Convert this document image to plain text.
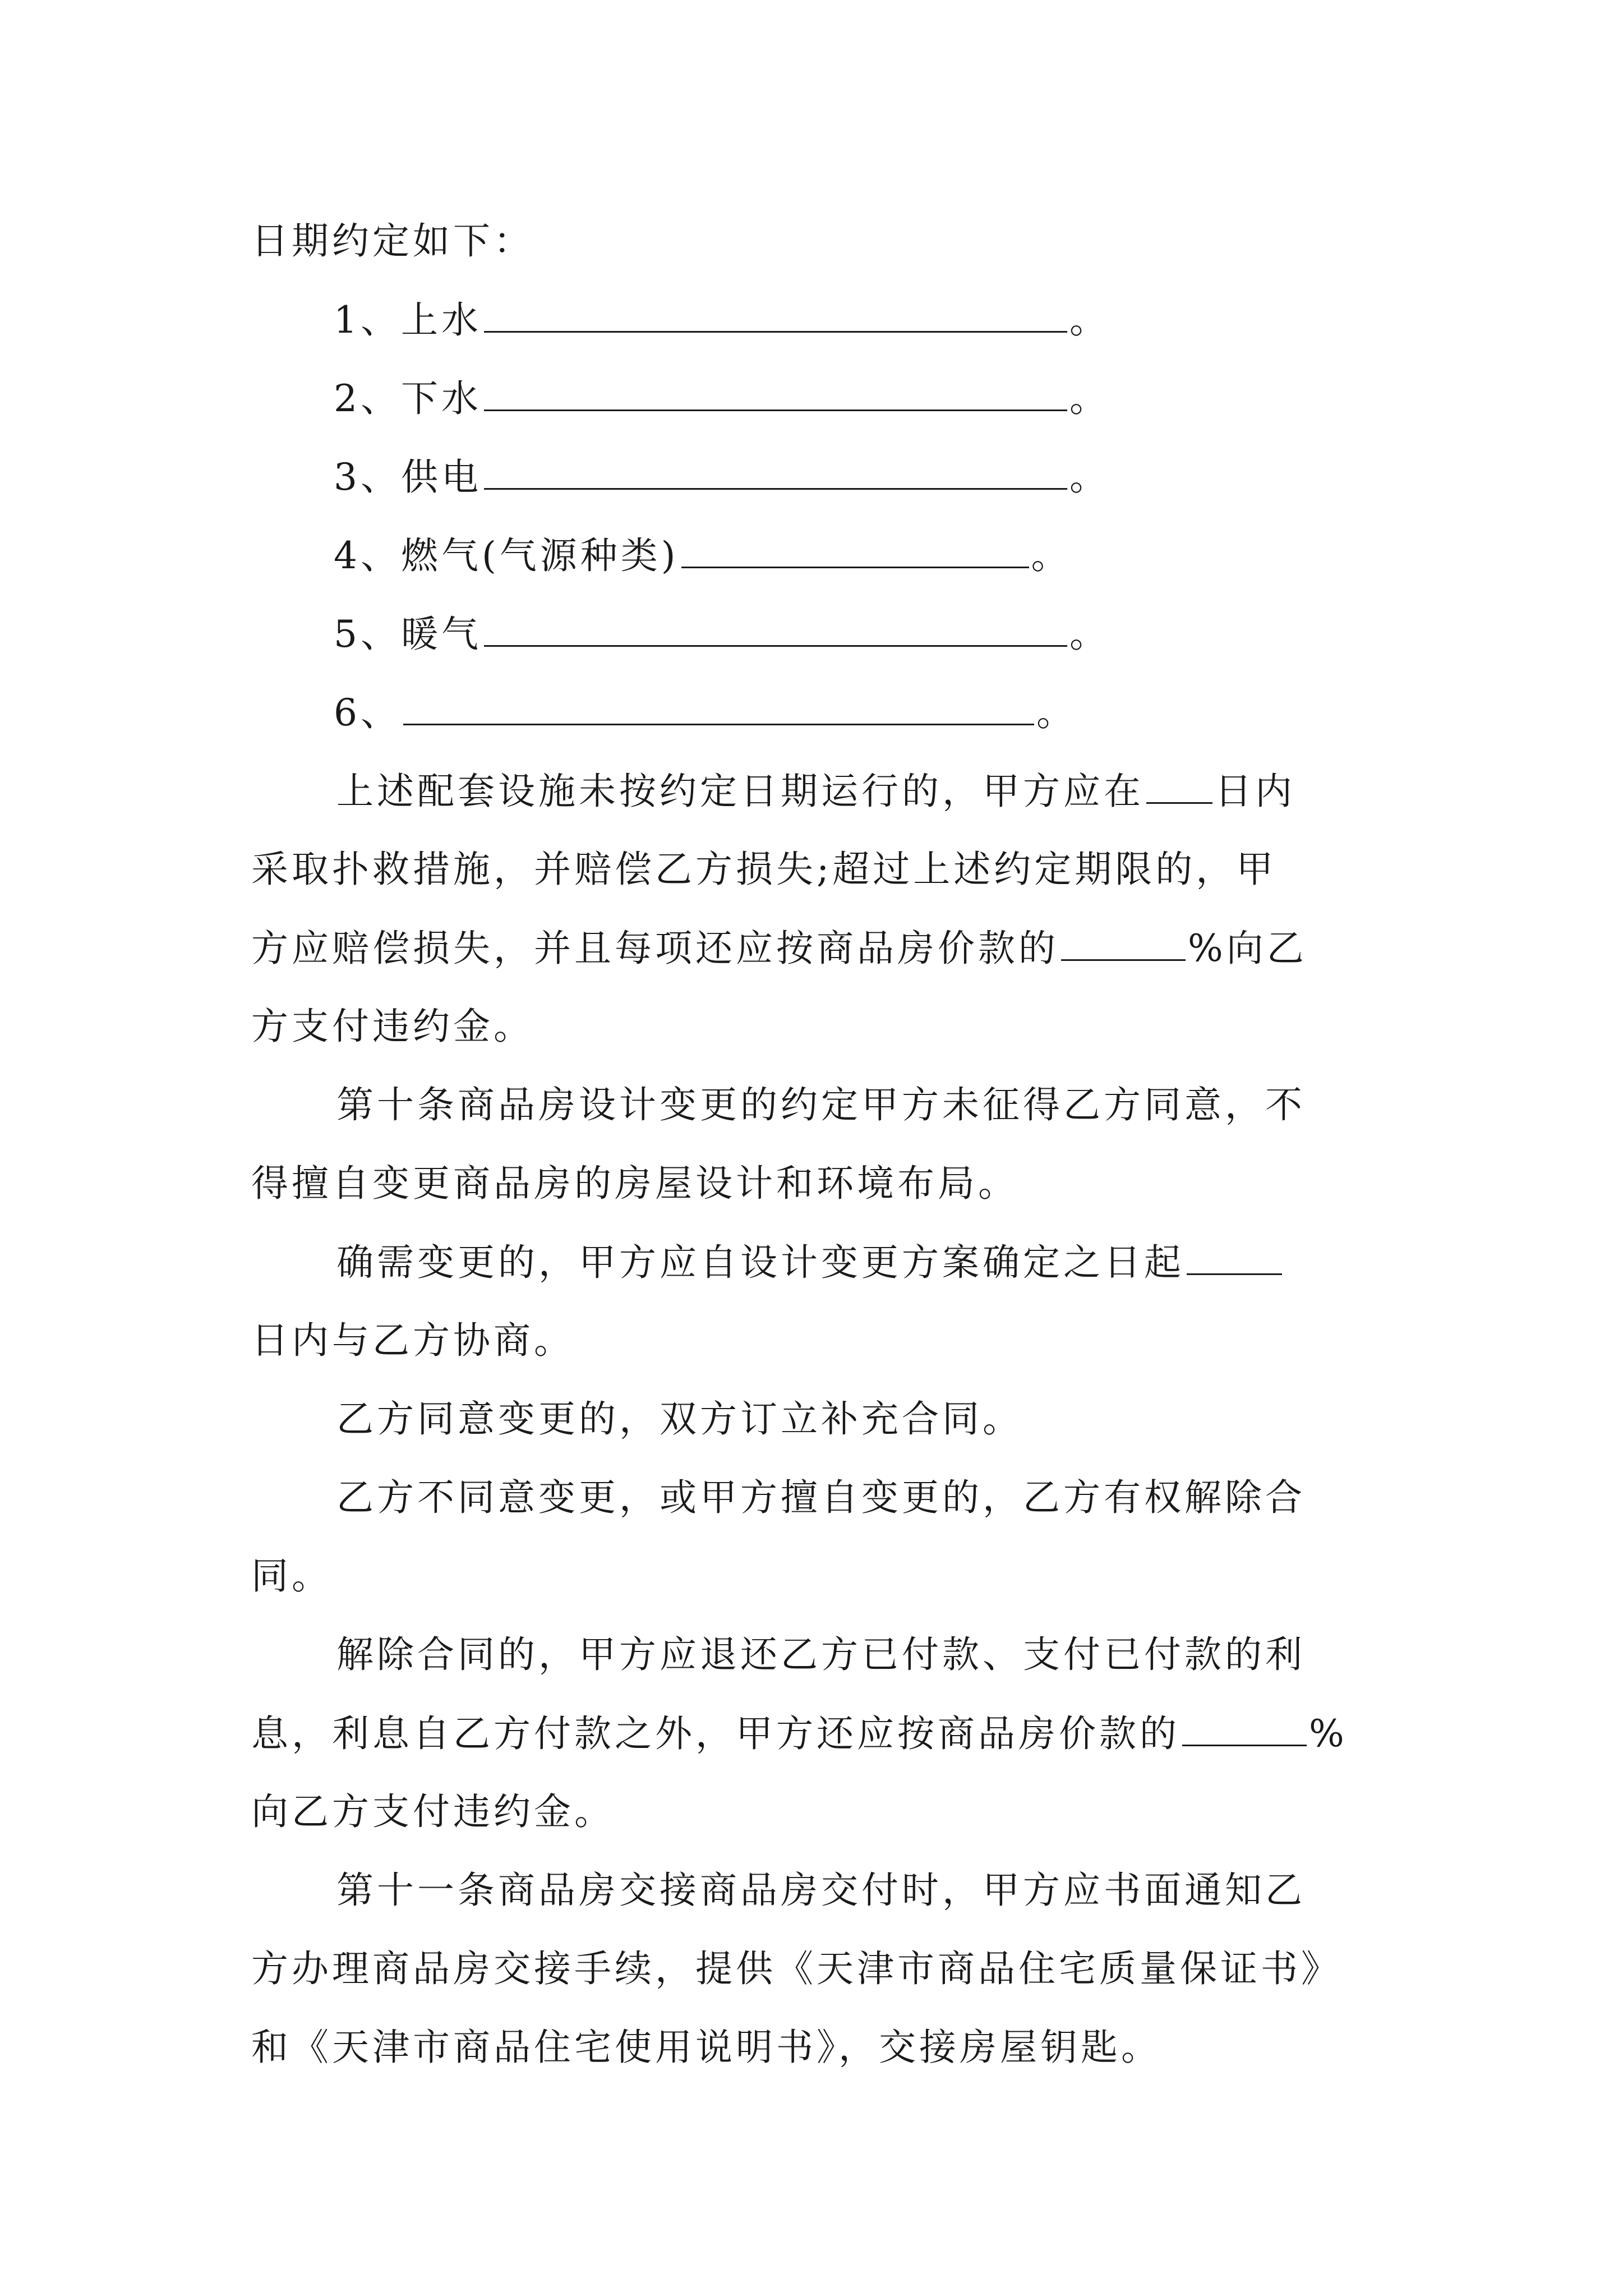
日期约定如下：
1、上水	。
2、下水	。
3、供电	。
4、燃气(气源种类)	。
5、暖气	。
6、	。
上述配套设施未按约定日期运行的，甲方应在 日内
采取扑救措施，并赔偿乙方损失;超过上述约定期限的，甲
方应赔偿损失，并且每项还应按商品房价款的	%向乙
方支付违约金。
第十条商品房设计变更的约定甲方未征得乙方同意，不
得擅自变更商品房的房屋设计和环境布局。
确需变更的，甲方应自设计变更方案确定之日起
日内与乙方协商。
乙方同意变更的，双方订立补充合同。
乙方不同意变更，或甲方擅自变更的，乙方有权解除合
同。
解除合同的，甲方应退还乙方已付款、支付已付款的利
息，利息自乙方付款之外，甲方还应按商品房价款的	%
向乙方支付违约金。
第十一条商品房交接商品房交付时，甲方应书面通知乙
方办理商品房交接手续，提供《天津市商品住宅质量保证书》
和《天津市商品住宅使用说明书》，交接房屋钥匙。
